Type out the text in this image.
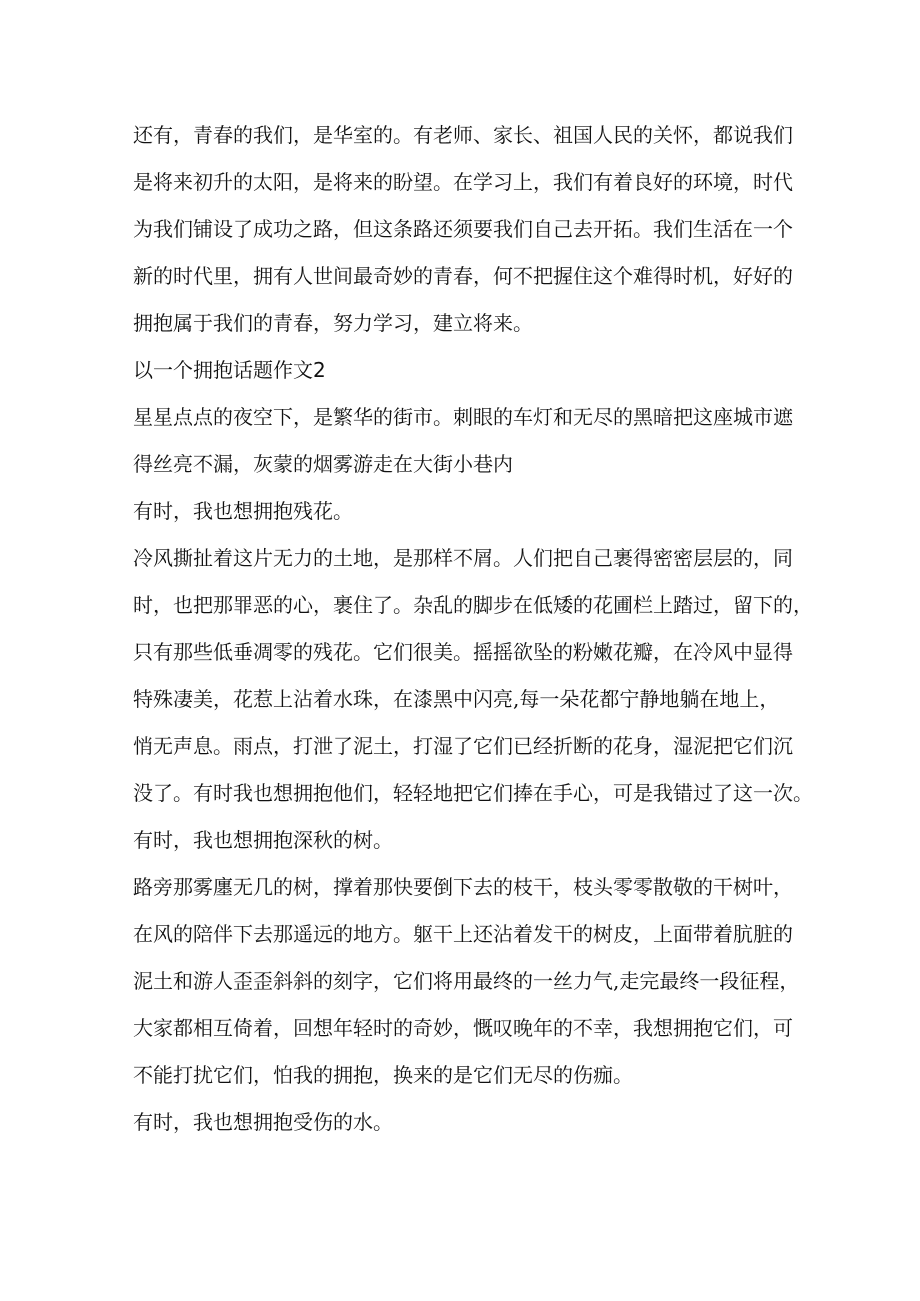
还有，青春的我们，是华室的。有老师、家长、祖国人民的关怀，都说我们
是将来初升的太阳，是将来的盼望。在学习上，我们有着良好的环境，时代
为我们铺设了成功之路，但这条路还须要我们自己去开拓。我们生活在一个
新的时代里，拥有人世间最奇妙的青春，何不把握住这个难得时机，好好的
拥抱属于我们的青春，努力学习，建立将来。
以一个拥抱话题作文2
星星点点的夜空下，是繁华的街市。刺眼的车灯和无尽的黑暗把这座城市遮
得丝亮不漏，灰蒙的烟雾游走在大街小巷内
有时，我也想拥抱残花。
冷风撕扯着这片无力的土地，是那样不屑。人们把自己裹得密密层层的，同
时，也把那罪恶的心，裹住了。杂乱的脚步在低矮的花圃栏上踏过，留下的，
只有那些低垂凋零的残花。它们很美。摇摇欲坠的粉嫩花瓣，在冷风中显得
特殊凄美，花惹上沾着水珠，在漆黑中闪亮,每一朵花都宁静地躺在地上，
悄无声息。雨点，打泄了泥土，打湿了它们已经折断的花身，湿泥把它们沉
没了。有时我也想拥抱他们，轻轻地把它们捧在手心，可是我错过了这一次。
有时，我也想拥抱深秋的树。
路旁那雾廛无几的树，撑着那快要倒下去的枝干，枝头零零散敬的干树叶，
在风的陪伴下去那遥远的地方。躯干上还沾着发干的树皮，上面带着肮脏的
泥土和游人歪歪斜斜的刻字，它们将用最终的一丝力气,走完最终一段征程，
大家都相互倚着，回想年轻时的奇妙，慨叹晚年的不幸，我想拥抱它们，可
不能打扰它们，怕我的拥抱，换来的是它们无尽的伤痂。
有时，我也想拥抱受伤的水。
